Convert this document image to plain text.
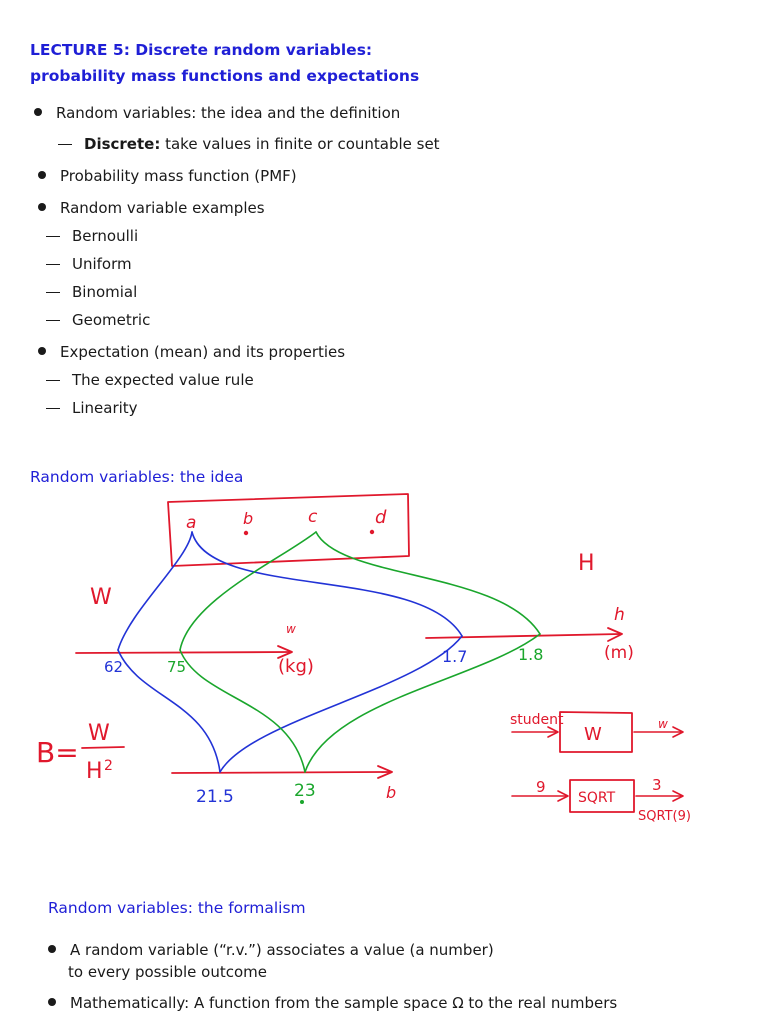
LECTURE 5: Discrete random variables:
probability mass functions and expectations
Random variables: the idea and the definition
Discrete: take values in finite or countable set
Probability mass function (PMF)
Random variable examples
Bernoulli
Uniform
Binomial
Geometric
Expectation (mean) and its properties
The expected value rule
Linearity
Random variables: the idea
a	b	c	d
W
H
w
(kg)
h
(m)
b
62	75
1.7	1.8
21.5	23
B=
W
H 2
student
W	w
9
SQRT
3
SQRT(9)
Random variables: the formalism
A random variable (“r.v.”) associates a value (a number)
to every possible outcome
Mathematically: A function from the sample space Ω to the real numbers
